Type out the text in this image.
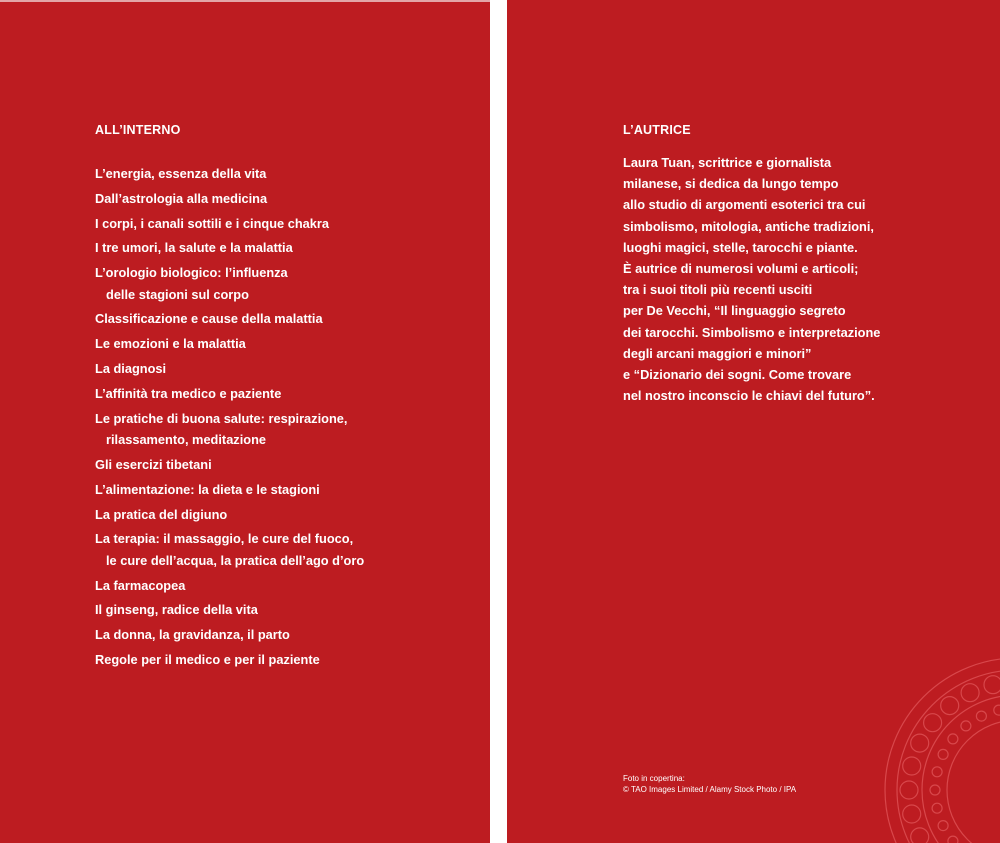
ALL’INTERNO
L’energia, essenza della vita
Dall’astrologia alla medicina
I corpi, i canali sottili e i cinque chakra
I tre umori, la salute e la malattia
L’orologio biologico: l’influenza
delle stagioni sul corpo
Classificazione e cause della malattia
Le emozioni e la malattia
La diagnosi
L’affinità tra medico e paziente
Le pratiche di buona salute: respirazione,
rilassamento, meditazione
Gli esercizi tibetani
L’alimentazione: la dieta e le stagioni
La pratica del digiuno
La terapia: il massaggio, le cure del fuoco,
le cure dell’acqua, la pratica dell’ago d’oro
La farmacopea
Il ginseng, radice della vita
La donna, la gravidanza, il parto
Regole per il medico e per il paziente
L’AUTRICE

Laura Tuan, scrittrice e giornalista
milanese, si dedica da lungo tempo
allo studio di argomenti esoterici tra cui
simbolismo, mitologia, antiche tradizioni,
luoghi magici, stelle, tarocchi e piante.
È autrice di numerosi volumi e articoli;
tra i suoi titoli più recenti usciti
per De Vecchi, “Il linguaggio segreto
dei tarocchi. Simbolismo e interpretazione
degli arcani maggiori e minori”
e “Dizionario dei sogni. Come trovare
nel nostro inconscio le chiavi del futuro”.

Foto in copertina:
© TAO Images Limited / Alamy Stock Photo / IPA
